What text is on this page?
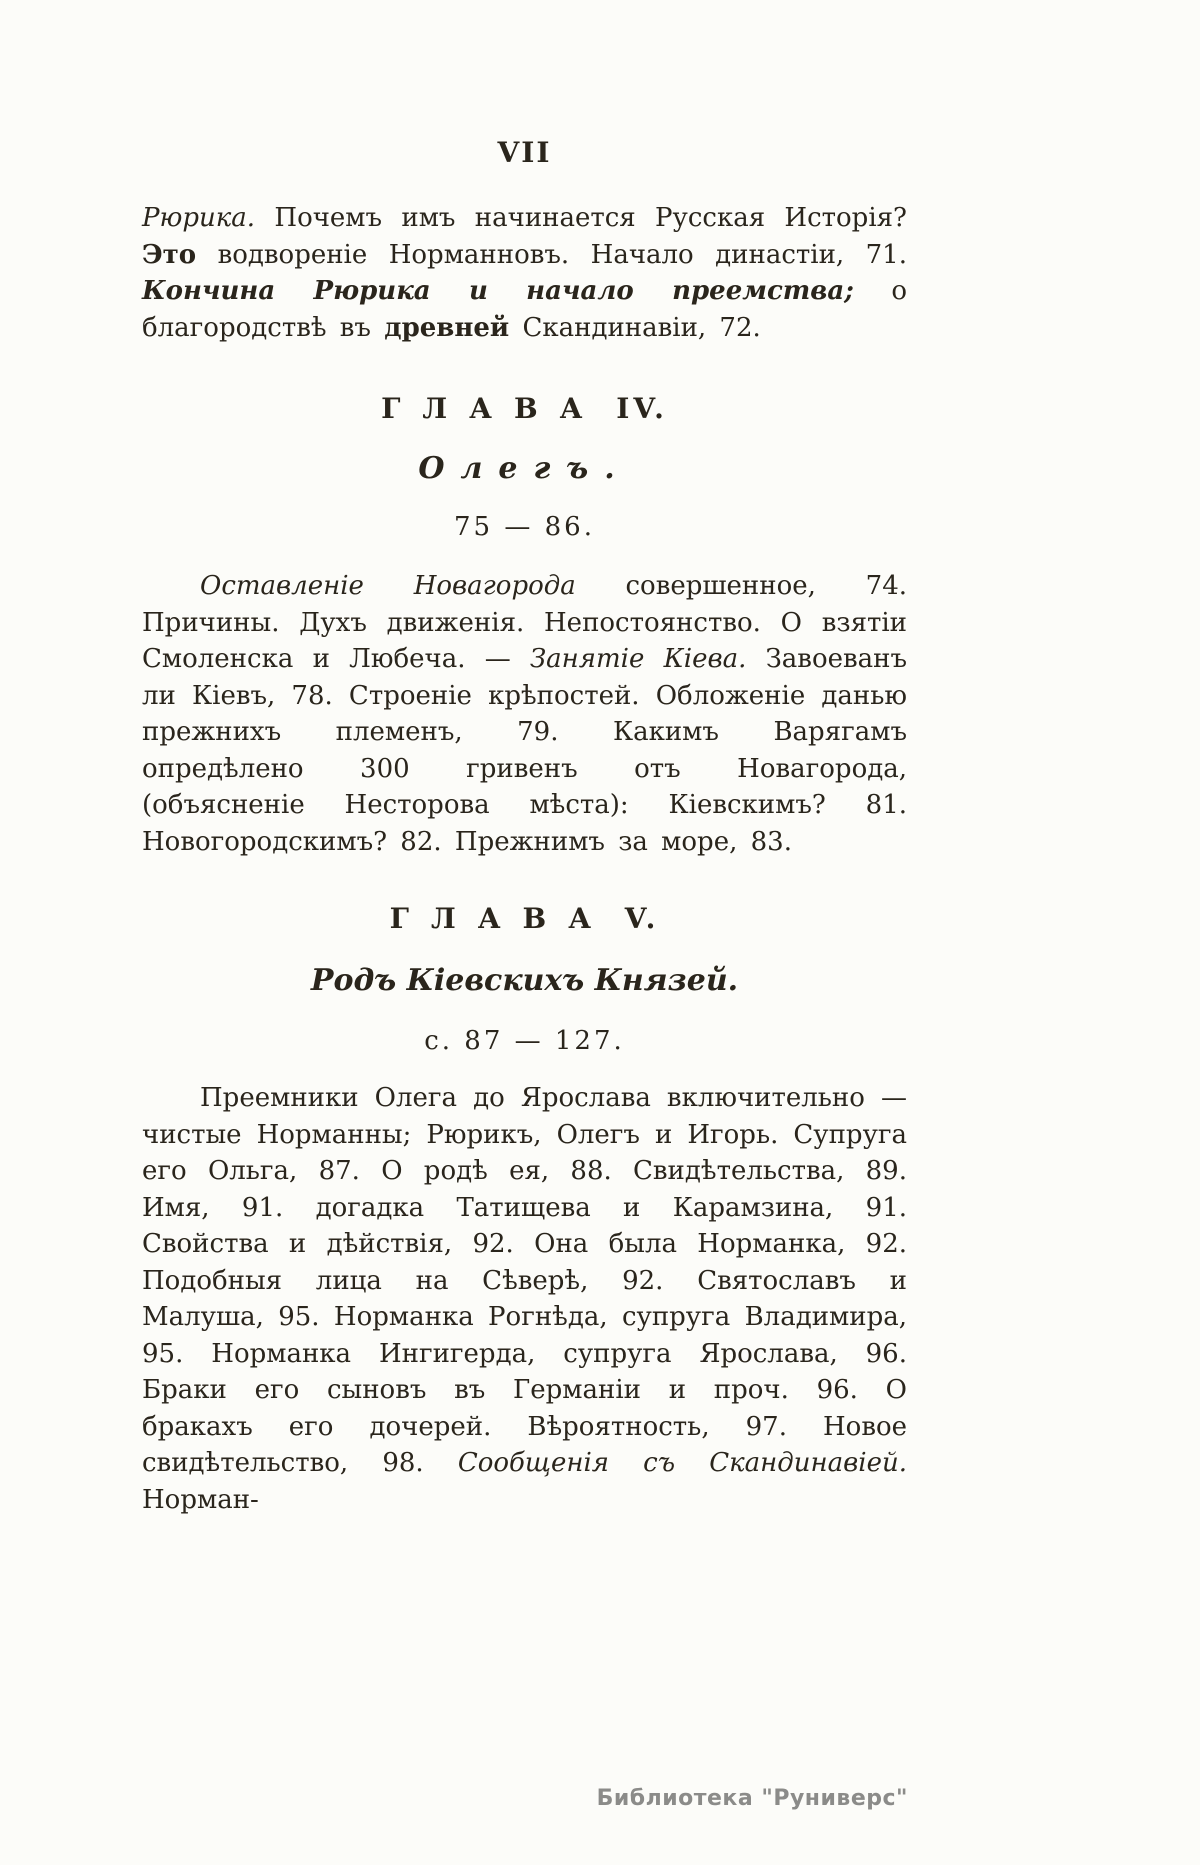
VII

Рюрика. Почемъ имъ начинается Русская Исторія? Это водвореніе Норманновъ. Начало династіи, 71. Кончина Рюрика и начало преемства; о благородствѣ въ древней Скандинавіи, 72.

ГЛАВА IV.
Олегъ.
75 — 86.

Оставленіе Новагорода совершенное, 74. Причины. Духъ движенія. Непостоянство. О взятіи Смоленска и Любеча. — Занятіе Кіева. Завоеванъ ли Кіевъ, 78. Строеніе крѣпостей. Обложеніе данью прежнихъ племенъ, 79. Какимъ Варягамъ опредѣлено 300 гривенъ отъ Новагорода, (объясненіе Несторова мѣста): Кіевскимъ? 81. Новогородскимъ? 82. Прежнимъ за море, 83.

ГЛАВА V.
Родъ Кіевскихъ Князей.
с. 87 — 127.

Преемники Олега до Ярослава включительно — чистые Норманны; Рюрикъ, Олегъ и Игорь. Супруга его Ольга, 87. О родѣ ея, 88. Свидѣтельства, 89. Имя, 91. догадка Татищева и Карамзина, 91. Свойства и дѣйствія, 92. Она была Норманка, 92. Подобныя лица на Сѣверѣ, 92. Святославъ и Малуша, 95. Норманка Рогнѣда, супруга Владимира, 95. Норманка Ингигерда, супруга Ярослава, 96. Браки его сыновъ въ Германіи и проч. 96. О бракахъ его дочерей. Вѣроятность, 97. Новое свидѣтельство, 98. Сообщенія съ Скандинавіей. Норман-

Библиотека "Руниверс"
